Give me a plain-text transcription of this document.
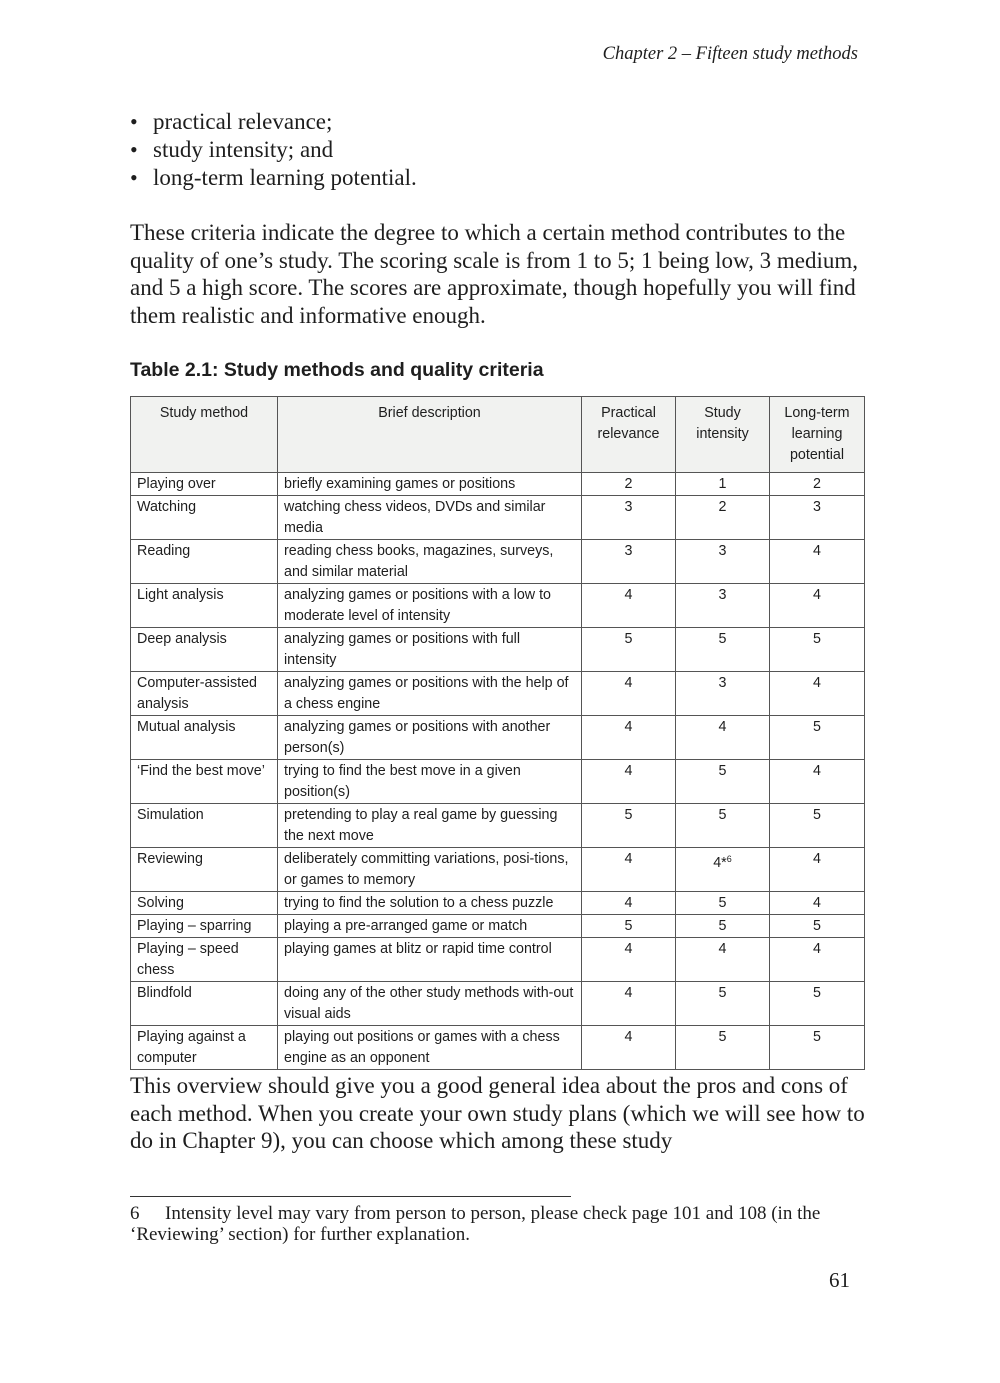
Chapter 2 – Fifteen study methods
• practical relevance;
• study intensity; and
• long-term learning potential.

These criteria indicate the degree to which a certain method contributes to the quality of one’s study. The scoring scale is from 1 to 5; 1 being low, 3 medium, and 5 a high score. The scores are approximate, though hopefully you will find them realistic and informative enough.

Table 2.1: Study methods and quality criteria
Study method	Brief description	Practical relevance	Study intensity	Long-term learning potential
Playing over	briefly examining games or positions	2	1	2
Watching	watching chess videos, DVDs and similar media	3	2	3
Reading	reading chess books, magazines, surveys, and similar material	3	3	4
Light analysis	analyzing games or positions with a low to moderate level of intensity	4	3	4
Deep analysis	analyzing games or positions with full intensity	5	5	5
Computer-assisted analysis	analyzing games or positions with the help of a chess engine	4	3	4
Mutual analysis	analyzing games or positions with another person(s)	4	4	5
‘Find the best move’	trying to find the best move in a given position(s)	4	5	4
Simulation	pretending to play a real game by guessing the next move	5	5	5
Reviewing	deliberately committing variations, posi-tions, or games to memory	4	4*$^6$	4
Solving	trying to find the solution to a chess puzzle	4	5	4
Playing – sparring	playing a pre-arranged game or match	5	5	5
Playing – speed chess	playing games at blitz or rapid time control	4	4	4
Blindfold	doing any of the other study methods with-out visual aids	4	5	5
Playing against a computer	playing out positions or games with a chess engine as an opponent	4	5	5

This overview should give you a good general idea about the pros and cons of each method. When you create your own study plans (which we will see how to do in Chapter 9), you can choose which among these study

6 Intensity level may vary from person to person, please check page 101 and 108 (in the ‘Reviewing’ section) for further explanation.

61
